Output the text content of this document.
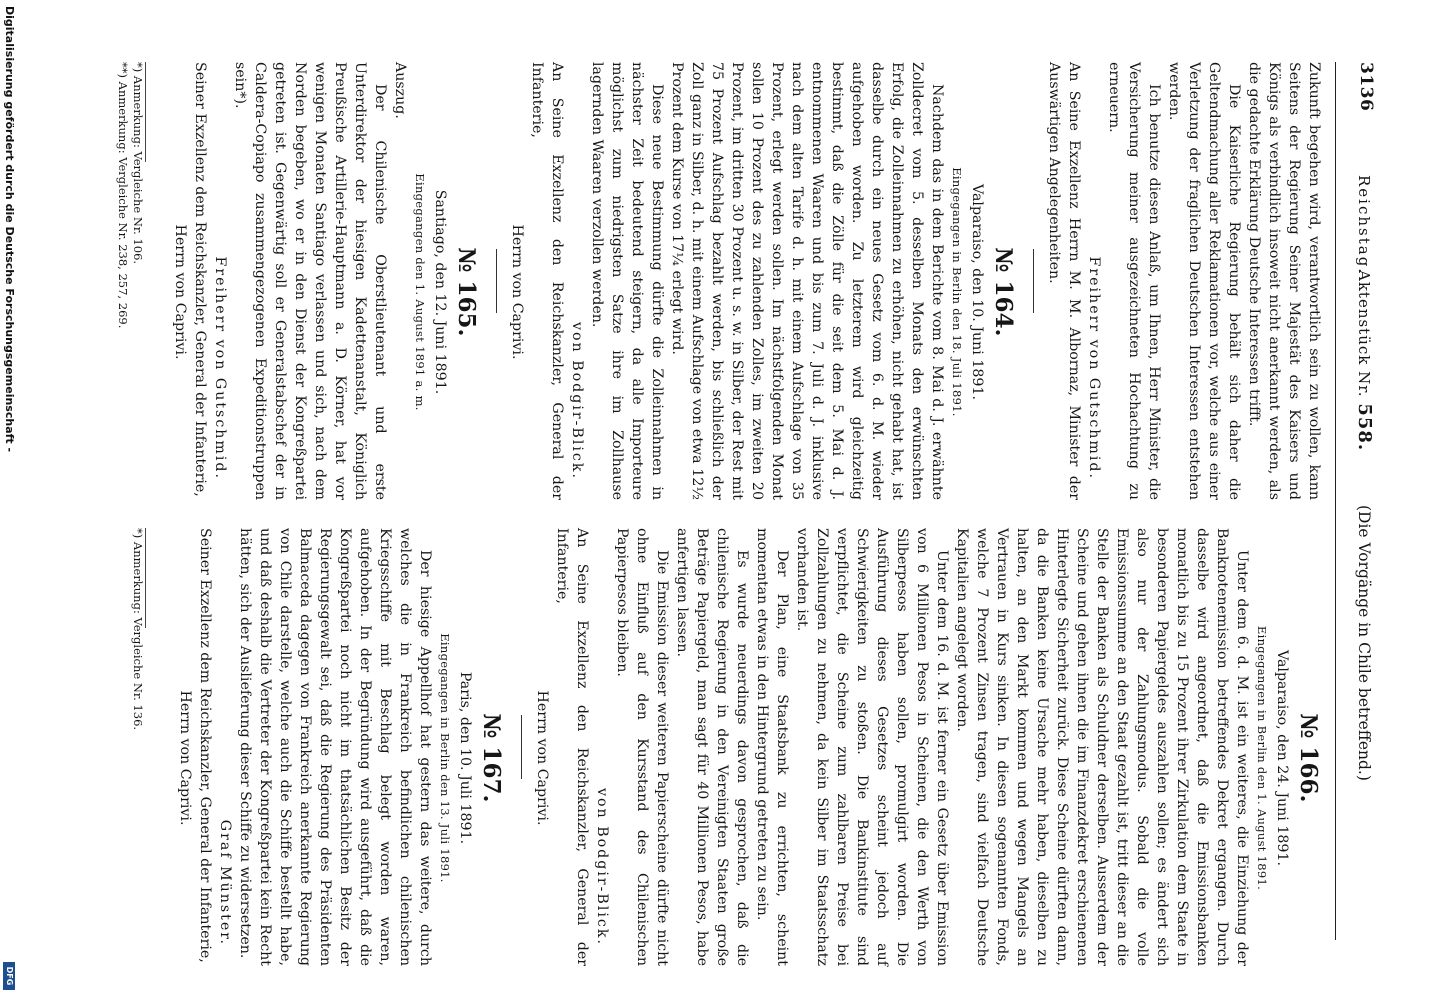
3136
Reichstag.
Aktenstück Nr. 558.
(Die Vorgänge in Chile betreffend.)

Zukunft begehen wird, verantwortlich sein zu wollen, kann Seitens der Regierung Seiner Majestät des Kaisers und Königs als verbindlich insoweit nicht anerkannt werden, als die gedachte Erklärung Deutsche Interessen trifft.

Die Kaiserliche Regierung behält sich daher die Geltendmachung aller Reklamationen vor, welche aus einer Verletzung der fraglichen Deutschen Interessen entstehen werden.

Ich benutze diesen Anlaß, um Ihnen, Herr Minister, die Versicherung meiner ausgezeichneten Hochachtung zu erneuern.

Freiherr von Gutschmid.

An Seine Exzellenz Herrn M. M. Albornaz, Minister der Auswärtigen Angelegenheiten.

№ 164.

Valparaiso, den 10. Juni 1891.

Eingegangen in Berlin den 18. Juli 1891.

Nachdem das in dem Berichte vom 8. Mai d. J. erwähnte Zolldecret vom 5. desselben Monats den erwünschten Erfolg, die Zolleinnahmen zu erhöhen, nicht gehabt hat, ist dasselbe durch ein neues Gesetz vom 6. d. M. wieder aufgehoben worden. Zu letzterem wird gleichzeitig bestimmt, daß die Zölle für die seit dem 5. Mai d. J. entnommenen Waaren und bis zum 7. Juli d. J. inklusive nach dem alten Tarife d. h. mit einem Aufschlage von 35 Prozent, erlegt werden sollen. Im nächstfolgenden Monat sollen 10 Prozent des zu zahlenden Zolles, im zweiten 20 Prozent, im dritten 30 Prozent u. s. w. in Silber, der Rest mit 75 Prozent Aufschlag bezahlt werden, bis schließlich der Zoll ganz in Silber, d. h. mit einem Aufschlage von etwa 12½ Prozent dem Kurse von 17¼ erlegt wird.

Diese neue Bestimmung dürfte die Zolleinnahmen in nächster Zeit bedeutend steigern, da alle Importeure möglichst zum niedrigsten Satze ihre im Zollhause lagernden Waaren verzollen werden.

von Bodgir-Blick.

An Seine Exzellenz den Reichskanzler, General der Infanterie,

Herrn von Caprivi.

№ 165.

Santiago, den 12. Juni 1891.

Eingegangen den 1. August 1891 a. m.

Auszug.

Der Chilenische Oberstlieutenant und erste Unterdirektor der hiesigen Kadettenanstalt, Königlich Preußische Artillerie-Hauptmann a. D. Körner, hat vor wenigen Monaten Santiago verlassen und sich, nach dem Norden begeben, wo er in den Dienst der Kongreßpartei getreten ist. Gegenwärtig soll er Generalstabschef der in Caldera-Copiapo zusammengezogenen Expeditionstruppen sein*).

Freiherr von Gutschmid.

Seiner Exzellenz dem Reichskanzler, General der Infanterie,

Herrn von Caprivi.

№ 166.

Valparaiso, den 24. Juni 1891.

Eingegangen in Berlin den 1. August 1891.

Unter dem 6. d. M. ist ein weiteres, die Einziehung der Banknotenemission betreffendes Dekret ergangen. Durch dasselbe wird angeordnet, daß die Emissionsbanken monatlich bis zu 15 Prozent ihrer Zirkulation dem Staate in besonderen Papiergeldes auszahlen sollen; es ändert sich also nur der Zahlungsmodus. Sobald die volle Emissionssumme an den Staat gezahlt ist, tritt dieser an die Stelle der Banken als Schuldner derselben. Ausserdem der Scheine und gehen ihnen die im Finanzdekret erschienenen Hinterlegte Sicherheit zurück. Diese Scheine dürften dann, da die Banken keine Ursache mehr haben, dieselben zu halten, an den Markt kommen und wegen Mangels an Vertrauen in Kurs sinken. In diesen sogenannten Fonds, welche 7 Prozent Zinsen tragen, sind vielfach Deutsche Kapitalien angelegt worden.

Unter dem 16. d. M. ist ferner ein Gesetz über Emission von 6 Millionen Pesos in Scheinen, die den Werth von Silberpesos haben sollen, promulgirt worden. Die Ausführung dieses Gesetzes scheint jedoch auf Schwierigkeiten zu stoßen. Die Bankinstitute sind verpflichtet, die Scheine zum zahlbaren Preise bei Zollzahlungen zu nehmen, da kein Silber im Staatsschatz vorhanden ist.

Der Plan, eine Staatsbank zu errichten, scheint momentan etwas in den Hintergrund getreten zu sein.

Es wurde neuerdings davon gesprochen, daß die chilenische Regierung in den Vereinigten Staaten große Beträge Papiergeld, man sagt für 40 Millionen Pesos, habe anfertigen lassen.

Die Emission dieser weiteren Papierscheine dürfte nicht ohne Einfluß auf den Kursstand des Chilenischen Papierpesos bleiben.

von Bodgir-Blick.

An Seine Exzellenz den Reichskanzler, General der Infanterie,

Herrn von Caprivi.

№ 167.

Paris, den 10. Juli 1891.

Eingegangen in Berlin den 13. Juli 1891.

Der hiesige Appellhof hat gestern das weitere, durch welches die in Frankreich befindlichen chilenischen Kriegsschiffe mit Beschlag belegt worden waren, aufgehoben. In der Begründung wird ausgeführt, daß die Kongreßpartei noch nicht im thatsächlichen Besitz der Regierungsgewalt sei, daß die Regierung des Präsidenten Balmaceda dagegen von Frankreich anerkannte Regierung von Chile darstelle, welche auch die Schiffe bestellt habe, und daß deshalb die Vertreter der Kongreßpartei kein Recht hätten, sich der Auslieferung dieser Schiffe zu widersetzen.

Graf Münster.

Seiner Exzellenz dem Reichskanzler, General der Infanterie,

Herrn von Caprivi.

*) Anmerkung: Vergleiche Nr. 106.

**) Anmerkung: Vergleiche Nr. 238, 257, 269.

*) Anmerkung: Vergleiche Nr. 136.

Digitalisierung gefördert durch die Deutsche Forschungsgemeinschaft -
DFG
